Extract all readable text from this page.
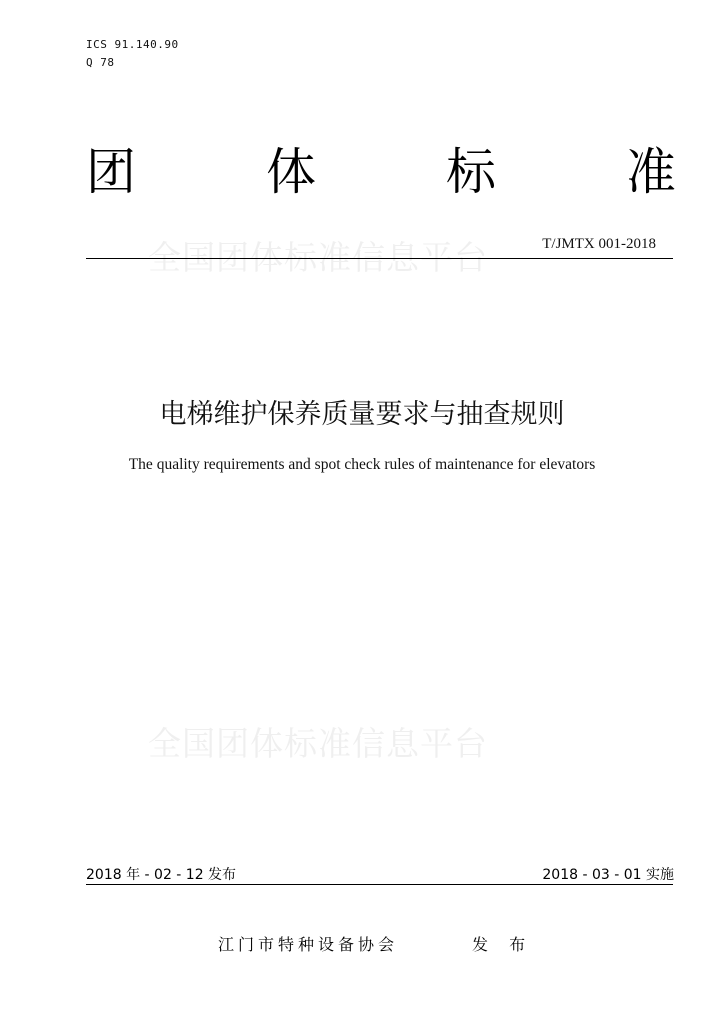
ICS 91.140.90
Q 78
团	体	标	准
全国团体标准信息平台	T/JMTX 001-2018
电梯维护保养质量要求与抽查规则
The quality requirements and spot check rules of maintenance for elevators
全国团体标准信息平台
2018 年 - 02 - 12 发布	2018 - 03 - 01 实施
江门市特种设备协会	发 布
